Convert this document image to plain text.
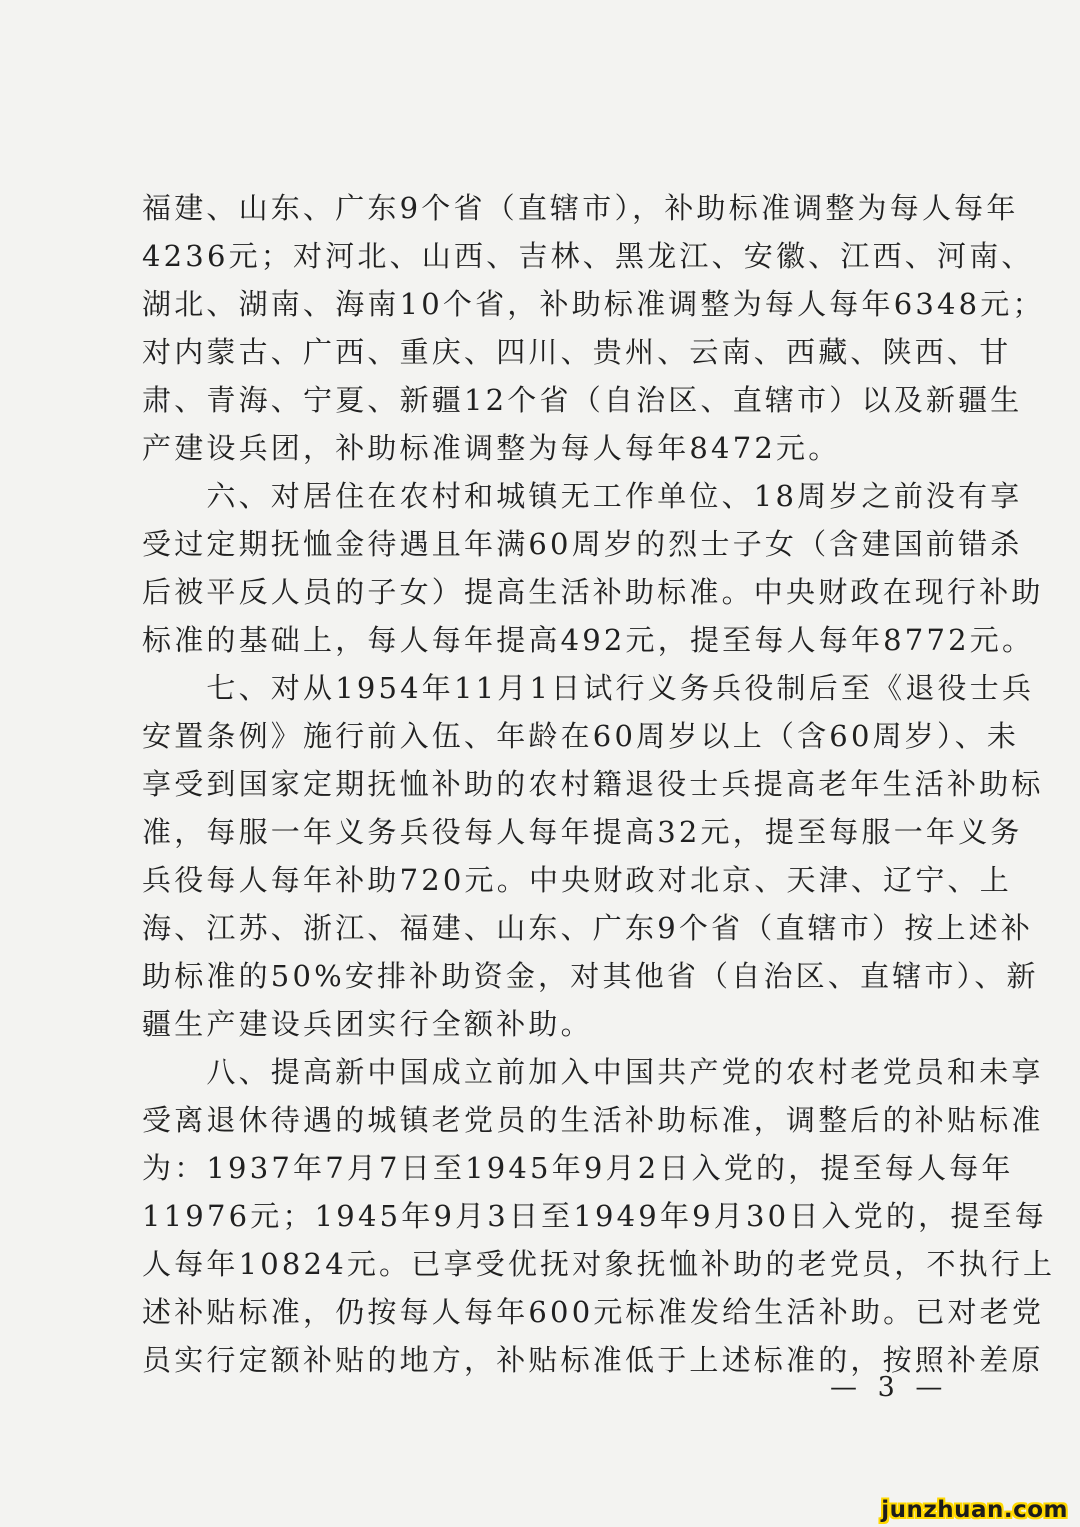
福建、山东、广东9个省（直辖市），补助标准调整为每人每年
4236元；对河北、山西、吉林、黑龙江、安徽、江西、河南、
湖北、湖南、海南10个省，补助标准调整为每人每年6348元；
对内蒙古、广西、重庆、四川、贵州、云南、西藏、陕西、甘
肃、青海、宁夏、新疆12个省（自治区、直辖市）以及新疆生
产建设兵团，补助标准调整为每人每年8472元。
　　六、对居住在农村和城镇无工作单位、18周岁之前没有享
受过定期抚恤金待遇且年满60周岁的烈士子女（含建国前错杀
后被平反人员的子女）提高生活补助标准。中央财政在现行补助
标准的基础上，每人每年提高492元，提至每人每年8772元。
　　七、对从1954年11月1日试行义务兵役制后至《退役士兵
安置条例》施行前入伍、年龄在60周岁以上（含60周岁）、未
享受到国家定期抚恤补助的农村籍退役士兵提高老年生活补助标
准，每服一年义务兵役每人每年提高32元，提至每服一年义务
兵役每人每年补助720元。中央财政对北京、天津、辽宁、上
海、江苏、浙江、福建、山东、广东9个省（直辖市）按上述补
助标准的50%安排补助资金，对其他省（自治区、直辖市）、新
疆生产建设兵团实行全额补助。
　　八、提高新中国成立前加入中国共产党的农村老党员和未享
受离退休待遇的城镇老党员的生活补助标准，调整后的补贴标准
为：1937年7月7日至1945年9月2日入党的，提至每人每年
11976元；1945年9月3日至1949年9月30日入党的，提至每
人每年10824元。已享受优抚对象抚恤补助的老党员，不执行上
述补贴标准，仍按每人每年600元标准发给生活补助。已对老党
员实行定额补贴的地方，补贴标准低于上述标准的，按照补差原
— 3 —
junzhuan.com
